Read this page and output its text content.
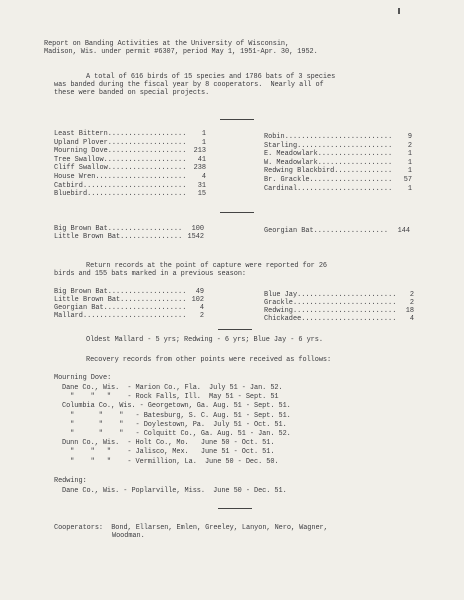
Report on Banding Activities at the University of Wisconsin,
Madison, Wis. under permit #6307, period May 1, 1951-Apr. 30, 1952.
A total of 616 birds of 15 species and 1786 bats of 3 species
was banded during the fiscal year by 8 cooperators.  Nearly all of
these were banded on special projects.
Least Bittern................... 1
Upland Plover................... 1
Mourning Dove................... 213
Tree Swallow.................... 41
Cliff Swallow................... 238
House Wren...................... 4
Catbird......................... 31
Bluebird........................ 15
Robin.......................... 9
Starling....................... 2
E. Meadowlark.................. 1
W. Meadowlark.................. 1
Redwing Blackbird.............. 1
Br. Grackle.................... 57
Cardinal....................... 1
Big Brown Bat.................. 100
Little Brown Bat............... 1542
Georgian Bat.................. 144
Return records at the point of capture were reported for 26
birds and 155 bats marked in a previous season:
Big Brown Bat................... 49
Little Brown Bat................ 102
Georgian Bat.................... 4
Mallard......................... 2
Blue Jay........................ 2
Grackle......................... 2
Redwing......................... 18
Chickadee....................... 4
Oldest Mallard - 5 yrs; Redwing - 6 yrs; Blue Jay - 6 yrs.
Recovery records from other points were received as follows:
Mourning Dove:
Dane Co., Wis.  - Marion Co., Fla.  July 51 - Jan. 52.
"    "   "    - Rock Falls, Ill.  May 51 - Sept. 51
Columbia Co., Wis. - Georgetown, Ga. Aug. 51 - Sept. 51.
"      "    "   - Batesburg, S. C. Aug. 51 - Sept. 51.
"      "    "   - Doylestown, Pa.  July 51 - Oct. 51.
"      "    "   - Colquitt Co., Ga. Aug. 51 - Jan. 52.
Dunn Co., Wis.  - Holt Co., Mo.   June 50 - Oct. 51.
"    "   "    - Jalisco, Mex.   June 51 - Oct. 51.
"    "   "    - Vermillion, La.  June 50 - Dec. 50.
Redwing:
Dane Co., Wis. - Poplarville, Miss.  June 50 - Dec. 51.
Cooperators:  Bond, Ellarsen, Emlen, Greeley, Lanyon, Nero, Wagner,
Woodman.
